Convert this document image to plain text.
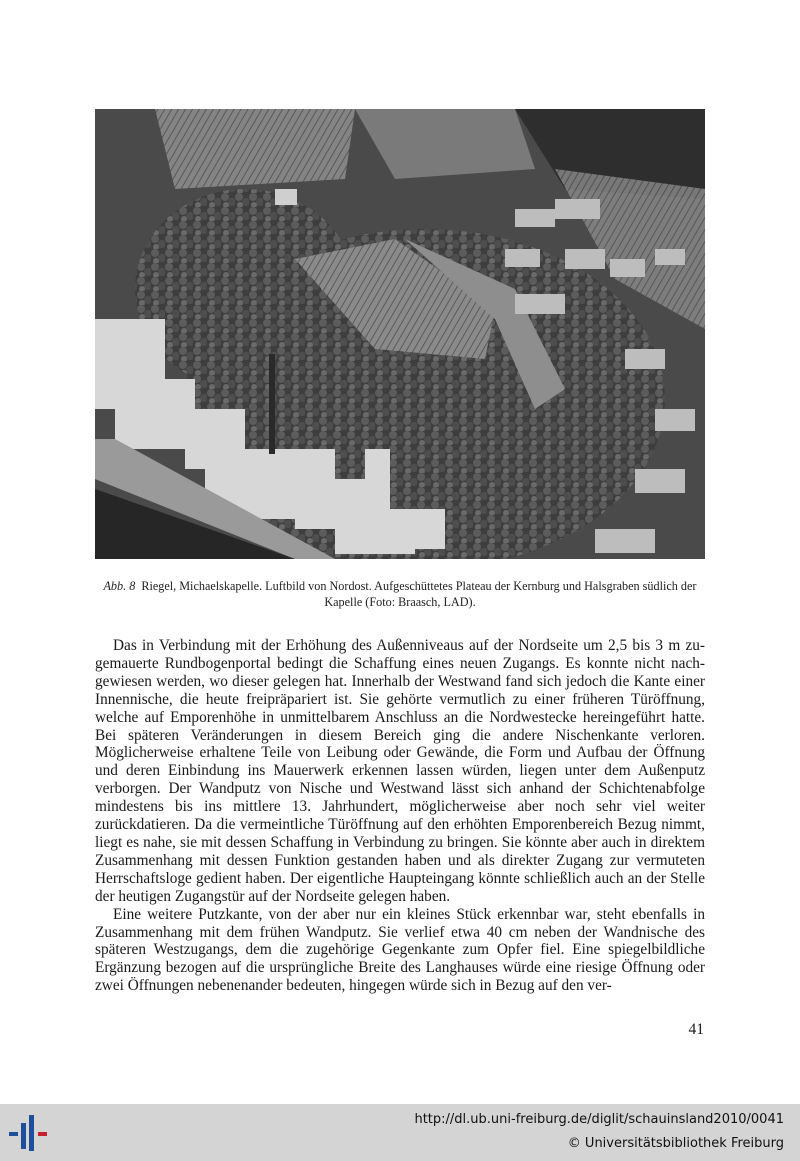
Abb. 8 Riegel, Michaelskapelle. Luftbild von Nordost. Aufgeschüttetes Plateau der Kernburg und Halsgraben südlich der Kapelle (Foto: Braasch, LAD).

Das in Verbindung mit der Erhöhung des Außenniveaus auf der Nordseite um 2,5 bis 3 m zugemauerte Rundbogenportal bedingt die Schaffung eines neuen Zugangs. Es konnte nicht nachgewiesen werden, wo dieser gelegen hat. Innerhalb der Westwand fand sich jedoch die Kante einer Innennische, die heute freipräpariert ist. Sie gehörte vermutlich zu einer früheren Türöffnung, welche auf Emporenhöhe in unmittelbarem Anschluss an die Nordwestecke hereingeführt hatte. Bei späteren Veränderungen in diesem Bereich ging die andere Nischenkante verloren. Möglicherweise erhaltene Teile von Leibung oder Gewände, die Form und Aufbau der Öffnung und deren Einbindung ins Mauerwerk erkennen lassen würden, liegen unter dem Außenputz verborgen. Der Wandputz von Nische und Westwand lässt sich anhand der Schichtenabfolge mindestens bis ins mittlere 13. Jahrhundert, möglicherweise aber noch sehr viel weiter zurückdatieren. Da die vermeintliche Türöffnung auf den erhöhten Emporenbereich Bezug nimmt, liegt es nahe, sie mit dessen Schaffung in Verbindung zu bringen. Sie könnte aber auch in direktem Zusammenhang mit dessen Funktion gestanden haben und als direkter Zugang zur vermuteten Herrschaftsloge gedient haben. Der eigentliche Haupteingang könnte schließlich auch an der Stelle der heutigen Zugangstür auf der Nordseite gelegen haben.

Eine weitere Putzkante, von der aber nur ein kleines Stück erkennbar war, steht ebenfalls in Zusammenhang mit dem frühen Wandputz. Sie verlief etwa 40 cm neben der Wandnische des späteren Westzugangs, dem die zugehörige Gegenkante zum Opfer fiel. Eine spiegelbildliche Ergänzung bezogen auf die ursprüngliche Breite des Langhauses würde eine riesige Öffnung oder zwei Öffnungen nebenenander bedeuten, hingegen würde sich in Bezug auf den ver-

41
http://dl.ub.uni-freiburg.de/diglit/schauinsland2010/0041
© Universitätsbibliothek Freiburg
